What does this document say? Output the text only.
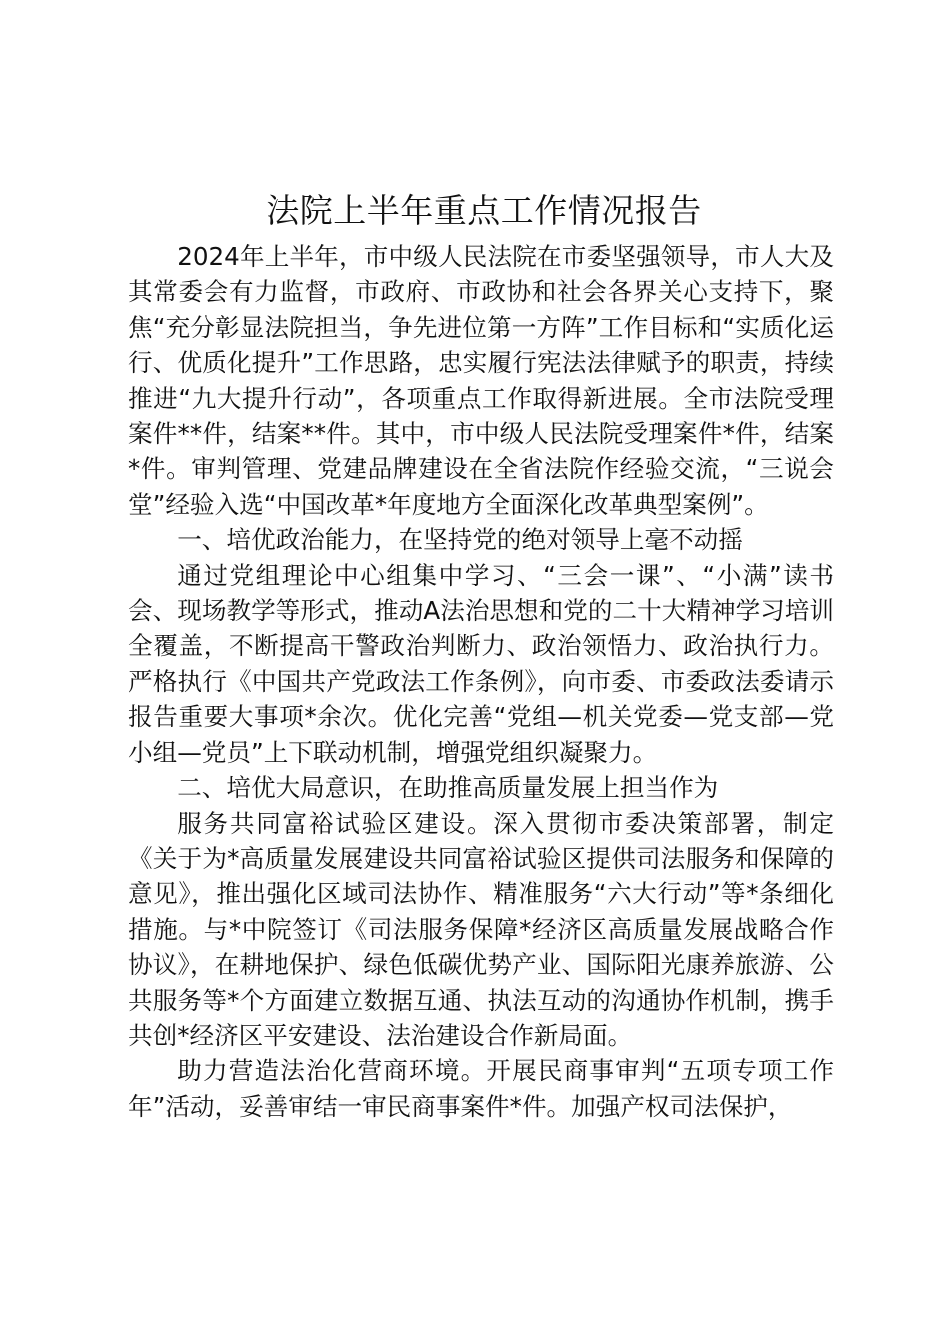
法院上半年重点工作情况报告

2024年上半年，市中级人民法院在市委坚强领导，市人大及其常委会有力监督，市政府、市政协和社会各界关心支持下，聚焦“充分彰显法院担当，争先进位第一方阵”工作目标和“实质化运行、优质化提升”工作思路，忠实履行宪法法律赋予的职责，持续推进“九大提升行动”，各项重点工作取得新进展。全市法院受理案件**件，结案**件。其中，市中级人民法院受理案件*件，结案*件。审判管理、党建品牌建设在全省法院作经验交流，“三说会堂”经验入选“中国改革*年度地方全面深化改革典型案例”。

一、培优政治能力，在坚持党的绝对领导上毫不动摇

通过党组理论中心组集中学习、“三会一课”、“小满”读书会、现场教学等形式，推动A法治思想和党的二十大精神学习培训全覆盖，不断提高干警政治判断力、政治领悟力、政治执行力。严格执行《中国共产党政法工作条例》，向市委、市委政法委请示报告重要大事项*余次。优化完善“党组—机关党委—党支部—党小组—党员”上下联动机制，增强党组织凝聚力。

二、培优大局意识，在助推高质量发展上担当作为

服务共同富裕试验区建设。深入贯彻市委决策部署，制定《关于为*高质量发展建设共同富裕试验区提供司法服务和保障的意见》，推出强化区域司法协作、精准服务“六大行动”等*条细化措施。与*中院签订《司法服务保障*经济区高质量发展战略合作协议》，在耕地保护、绿色低碳优势产业、国际阳光康养旅游、公共服务等*个方面建立数据互通、执法互动的沟通协作机制，携手共创*经济区平安建设、法治建设合作新局面。

助力营造法治化营商环境。开展民商事审判“五项专项工作年”活动，妥善审结一审民商事案件*件。加强产权司法保护，
